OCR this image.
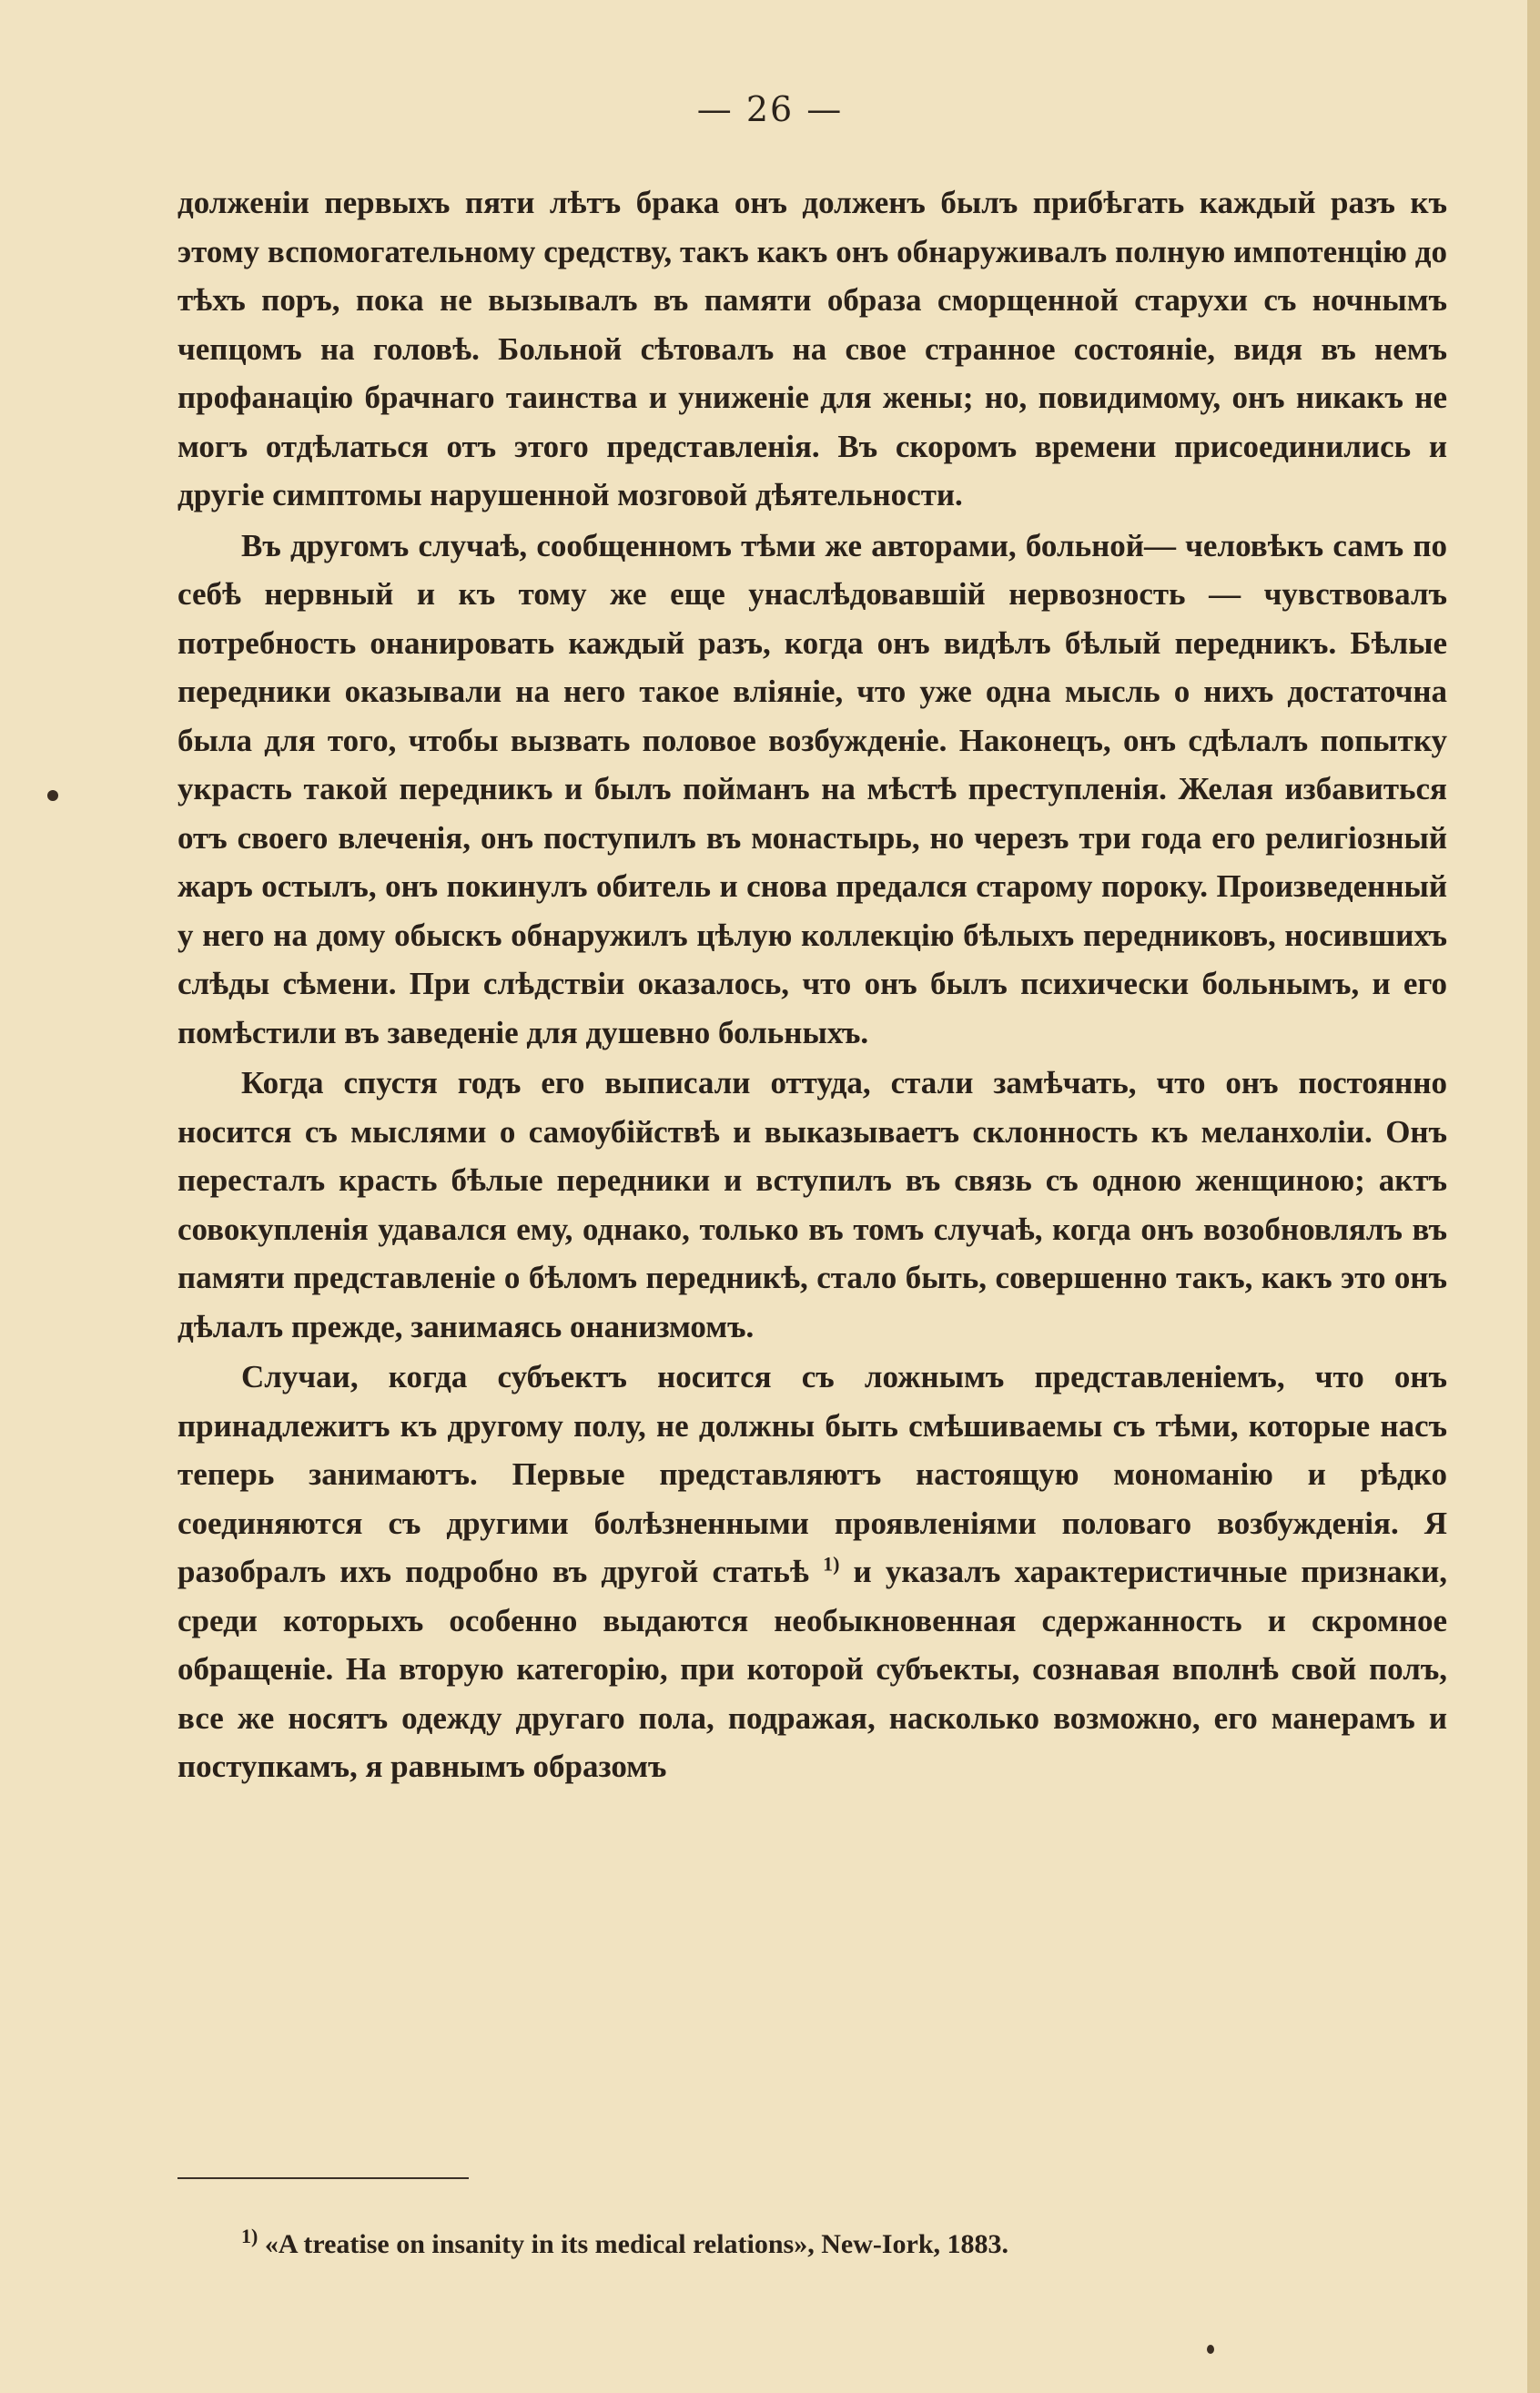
— 26 —

долженіи первыхъ пяти лѣтъ брака онъ долженъ былъ прибѣгать каждый разъ къ этому вспомогательному средству, такъ какъ онъ обнаруживалъ полную импотенцію до тѣхъ поръ, пока не вызывалъ въ памяти образа сморщенной старухи съ ночнымъ чепцомъ на головѣ. Больной сѣтовалъ на свое странное состояніе, видя въ немъ профанацію брачнаго таинства и униженіе для жены; но, повидимому, онъ никакъ не могъ отдѣлаться отъ этого представленія. Въ скоромъ времени присоединились и другіе симптомы нарушенной мозговой дѣятельности.

Въ другомъ случаѣ, сообщенномъ тѣми же авторами, больной— человѣкъ самъ по себѣ нервный и къ тому же еще унаслѣдовавшій нервозность — чувствовалъ потребность онанировать каждый разъ, когда онъ видѣлъ бѣлый передникъ. Бѣлые передники оказывали на него такое вліяніе, что уже одна мысль о нихъ достаточна была для того, чтобы вызвать половое возбужденіе. Наконецъ, онъ сдѣлалъ попытку украсть такой передникъ и былъ пойманъ на мѣстѣ преступленія. Желая избавиться отъ своего влеченія, онъ поступилъ въ монастырь, но черезъ три года его религіозный жаръ остылъ, онъ покинулъ обитель и снова предался старому пороку. Произведенный у него на дому обыскъ обнаружилъ цѣлую коллекцію бѣлыхъ передниковъ, носившихъ слѣды сѣмени. При слѣдствіи оказалось, что онъ былъ психически больнымъ, и его помѣстили въ заведеніе для душевно больныхъ.

Когда спустя годъ его выписали оттуда, стали замѣчать, что онъ постоянно носится съ мыслями о самоубійствѣ и выказываетъ склонность къ меланхоліи. Онъ пересталъ красть бѣлые передники и вступилъ въ связь съ одною женщиною; актъ совокупленія удавался ему, однако, только въ томъ случаѣ, когда онъ возобновлялъ въ памяти представленіе о бѣломъ передникѣ, стало быть, совершенно такъ, какъ это онъ дѣлалъ прежде, занимаясь онанизмомъ.

Случаи, когда субъектъ носится съ ложнымъ представленіемъ, что онъ принадлежитъ къ другому полу, не должны быть смѣшиваемы съ тѣми, которые насъ теперь занимаютъ. Первые представляютъ настоящую мономанію и рѣдко соединяются съ другими болѣзненными проявленіями половаго возбужденія. Я разобралъ ихъ подробно въ другой статьѣ $^{1)}$ и указалъ характеристичные признаки, среди которыхъ особенно выдаются необыкновенная сдержанность и скромное обращеніе. На вторую категорію, при которой субъекты, сознавая вполнѣ свой полъ, все же носятъ одежду другаго пола, подражая, насколько возможно, его манерамъ и поступкамъ, я равнымъ образомъ

$^{1)}$ «A treatise on insanity in its medical relations», New-Iork, 1883.
